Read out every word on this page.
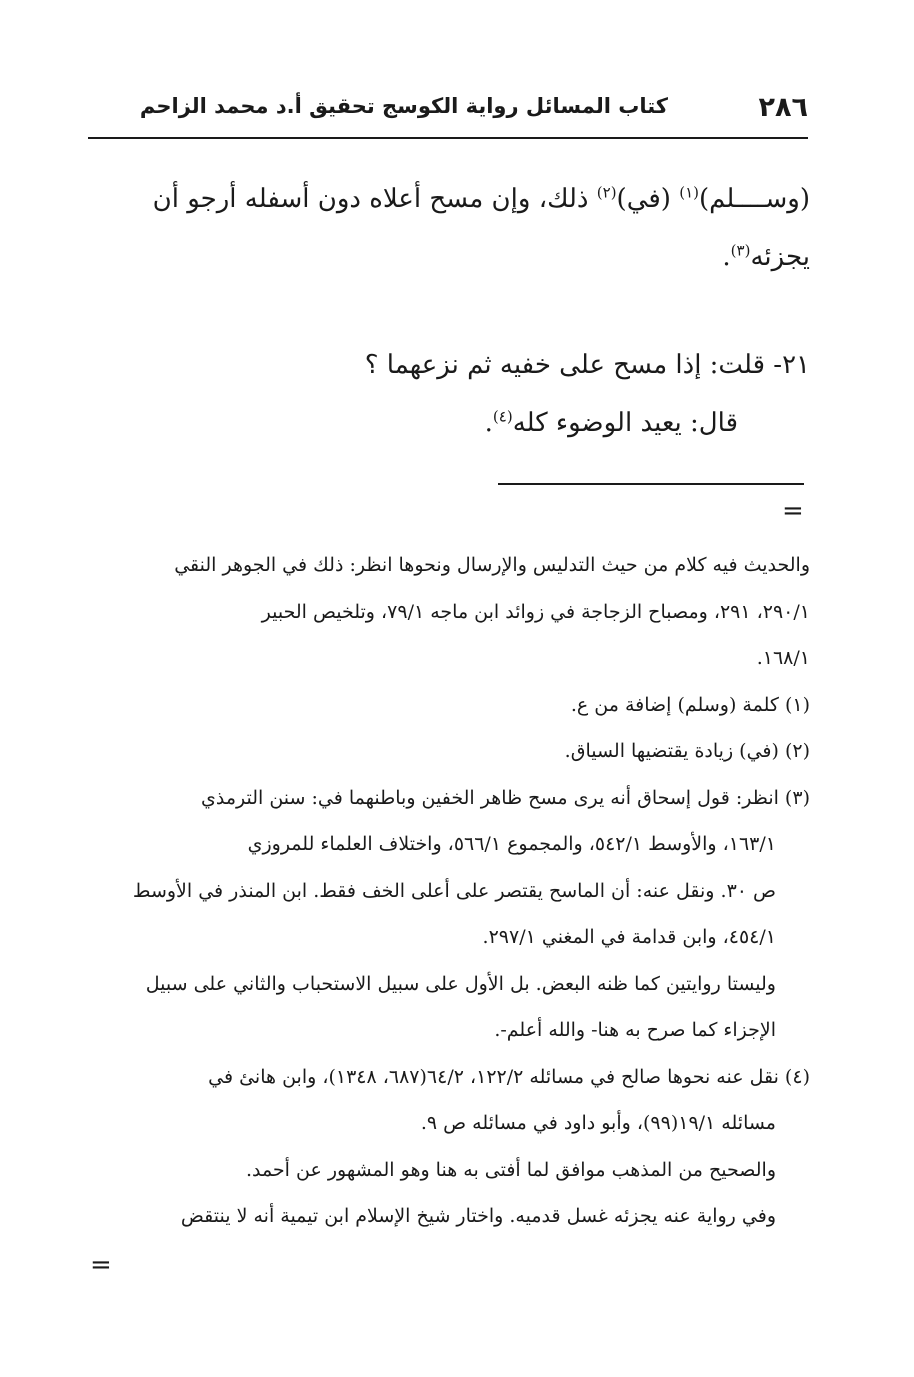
٢٨٦
كتاب المسائل رواية الكوسج تحقيق أ.د محمد الزاحم

(وســــلم)$^{(١)}$ (في)$^{(٢)}$ ذلك، وإن مسح أعلاه دون أسفله أرجو أن

يجزئه$^{(٣)}$.

٢١- قلت: إذا مسح على خفيه ثم نزعهما ؟

قال: يعيد الوضوء كله$^{(٤)}$.

=

والحديث فيه كلام من حيث التدليس والإرسال ونحوها انظر: ذلك في الجوهر النقي

٢٩٠/١، ٢٩١، ومصباح الزجاجة في زوائد ابن ماجه ٧٩/١، وتلخيص الحبير

١٦٨/١.

(١) كلمة (وسلم) إضافة من ع.

(٢) (في) زيادة يقتضيها السياق.

(٣) انظر: قول إسحاق أنه يرى مسح ظاهر الخفين وباطنهما في: سنن الترمذي

١٦٣/١، والأوسط ٥٤٢/١، والمجموع ٥٦٦/١، واختلاف العلماء للمروزي

ص ٣٠. ونقل عنه: أن الماسح يقتصر على أعلى الخف فقط. ابن المنذر في الأوسط

٤٥٤/١، وابن قدامة في المغني ٢٩٧/١.

وليستا روايتين كما ظنه البعض. بل الأول على سبيل الاستحباب والثاني على سبيل

الإجزاء كما صرح به هنا- والله أعلم-.

(٤) نقل عنه نحوها صالح في مسائله ١٢٢/٢، ٦٤/٢(٦٨٧، ١٣٤٨)، وابن هانئ في

مسائله ١٩/١(٩٩)، وأبو داود في مسائله ص ٩.

والصحيح من المذهب موافق لما أفتى به هنا وهو المشهور عن أحمد.

وفي رواية عنه يجزئه غسل قدميه. واختار شيخ الإسلام ابن تيمية أنه لا ينتقض

=
